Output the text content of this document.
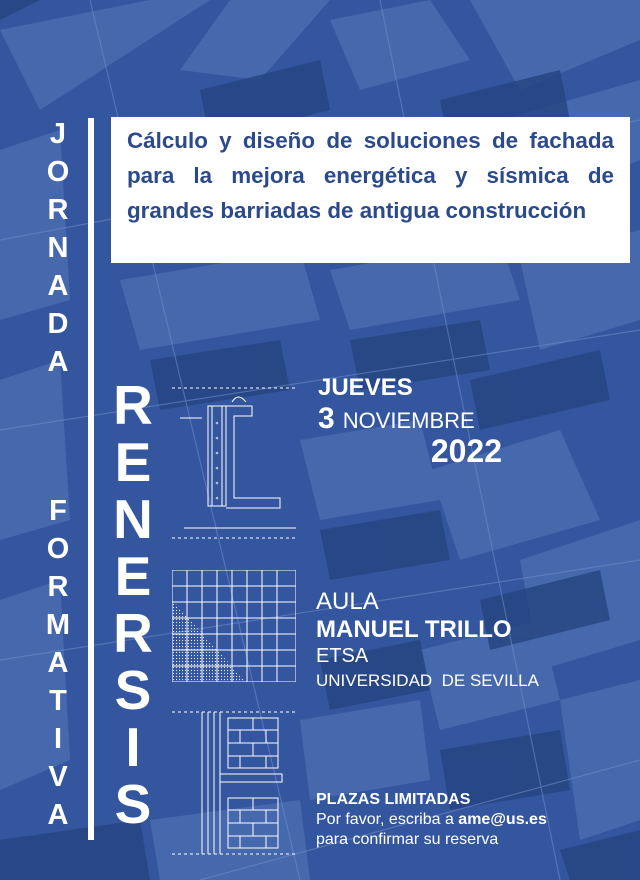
J
O
R
N
A
D
A
F
O
R
M
A
T
I
V
A
R
E
N
E
R
S
I
S

Cálculo y diseño de soluciones de fachada para la mejora energética y sísmica de grandes barriadas de antigua construcción

JUEVES
3 NOVIEMBRE
2022
AULA
MANUEL TRILLO
ETSA
UNIVERSIDAD  DE SEVILLA
PLAZAS LIMITADAS
Por favor, escriba a ame@us.es
para confirmar su reserva
